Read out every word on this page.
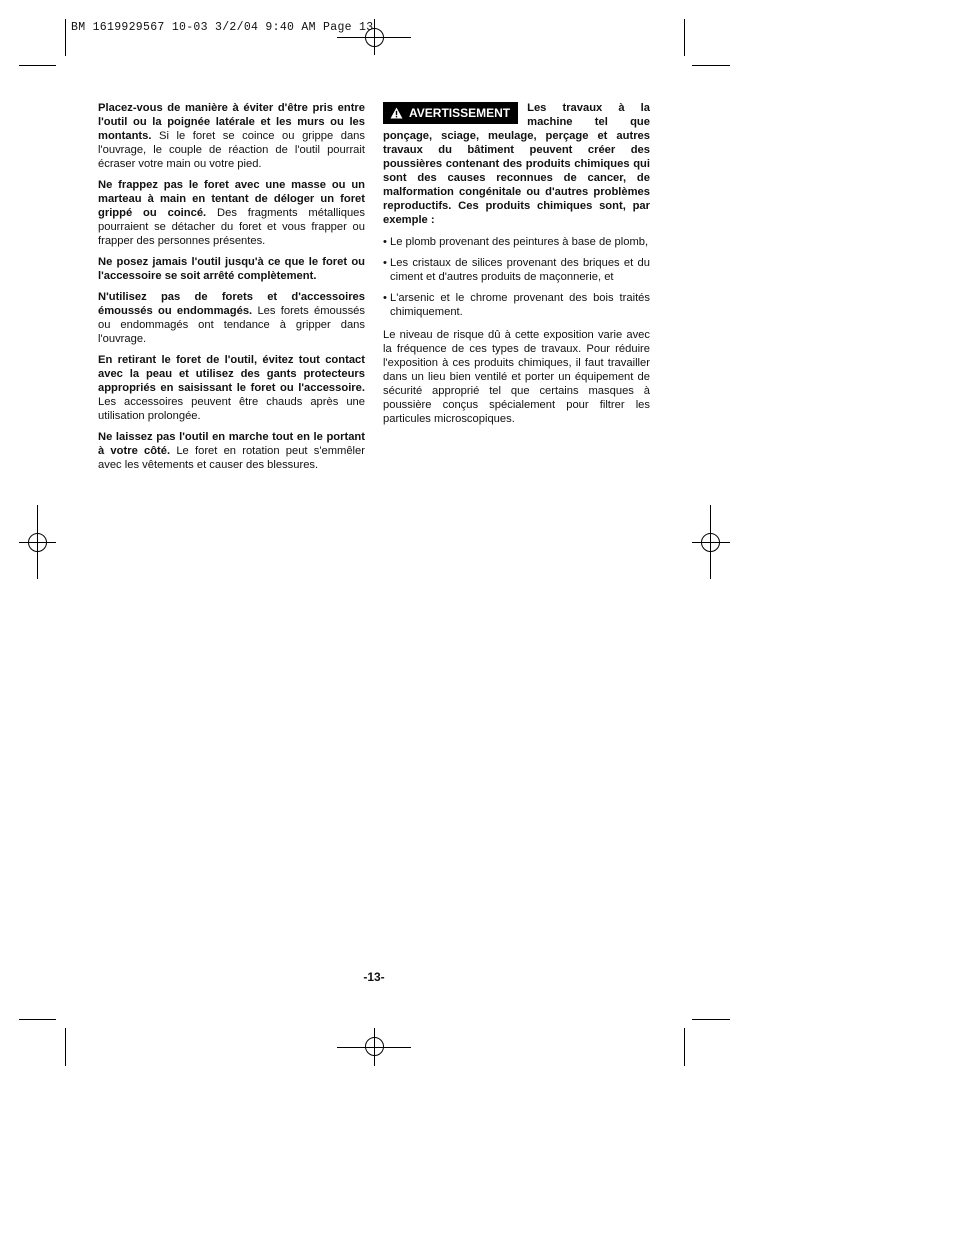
BM 1619929567 10-03 3/2/04 9:40 AM Page 13

Placez-vous de manière à éviter d'être pris entre l'outil ou la poignée latérale et les murs ou les montants. Si le foret se coince ou grippe dans l'ouvrage, le couple de réaction de l'outil pourrait écraser votre main ou votre pied.

Ne frappez pas le foret avec une masse ou un marteau à main en tentant de déloger un foret grippé ou coincé. Des fragments métalliques pourraient se détacher du foret et vous frapper ou frapper des personnes présentes.

Ne posez jamais l'outil jusqu'à ce que le foret ou l'accessoire se soit arrêté complètement.

N'utilisez pas de forets et d'accessoires émoussés ou endommagés. Les forets émoussés ou endommagés ont tendance à gripper dans l'ouvrage.

En retirant le foret de l'outil, évitez tout contact avec la peau et utilisez des gants protecteurs appropriés en saisissant le foret ou l'accessoire. Les accessoires peuvent être chauds après une utilisation prolongée.

Ne laissez pas l'outil en marche tout en le portant à votre côté. Le foret en rotation peut s'emmêler avec les vêtements et causer des blessures.

AVERTISSEMENT Les travaux à la machine tel que ponçage, sciage, meulage, perçage et autres travaux du bâtiment peuvent créer des poussières contenant des produits chimiques qui sont des causes reconnues de cancer, de malformation congénitale ou d'autres problèmes reproductifs. Ces produits chimiques sont, par exemple :
• Le plomb provenant des peintures à base de plomb,
• Les cristaux de silices provenant des briques et du ciment et d'autres produits de maçonnerie, et
• L'arsenic et le chrome provenant des bois traités chimiquement.

Le niveau de risque dû à cette exposition varie avec la fréquence de ces types de travaux. Pour réduire l'exposition à ces produits chimiques, il faut travailler dans un lieu bien ventilé et porter un équipement de sécurité approprié tel que certains masques à poussière conçus spécialement pour filtrer les particules microscopiques.

-13-
